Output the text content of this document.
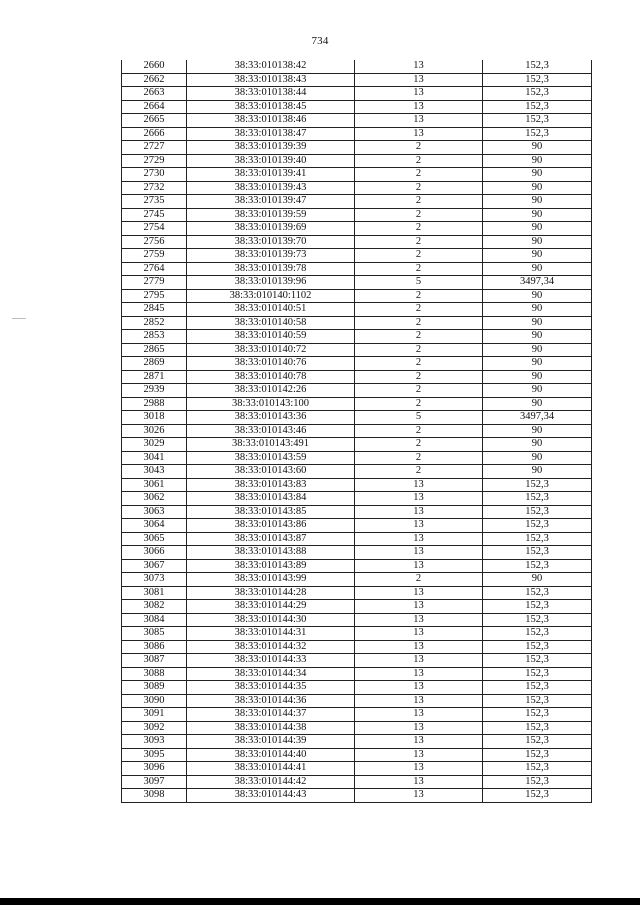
734
2660	38:33:010138:42	13	152,3
2662	38:33:010138:43	13	152,3
2663	38:33:010138:44	13	152,3
2664	38:33:010138:45	13	152,3
2665	38:33:010138:46	13	152,3
2666	38:33:010138:47	13	152,3
2727	38:33:010139:39	2	90
2729	38:33:010139:40	2	90
2730	38:33:010139:41	2	90
2732	38:33:010139:43	2	90
2735	38:33:010139:47	2	90
2745	38:33:010139:59	2	90
2754	38:33:010139:69	2	90
2756	38:33:010139:70	2	90
2759	38:33:010139:73	2	90
2764	38:33:010139:78	2	90
2779	38:33:010139:96	5	3497,34
2795	38:33:010140:1102	2	90
2845	38:33:010140:51	2	90
2852	38:33:010140:58	2	90
2853	38:33:010140:59	2	90
2865	38:33:010140:72	2	90
2869	38:33:010140:76	2	90
2871	38:33:010140:78	2	90
2939	38:33:010142:26	2	90
2988	38:33:010143:100	2	90
3018	38:33:010143:36	5	3497,34
3026	38:33:010143:46	2	90
3029	38:33:010143:491	2	90
3041	38:33:010143:59	2	90
3043	38:33:010143:60	2	90
3061	38:33:010143:83	13	152,3
3062	38:33:010143:84	13	152,3
3063	38:33:010143:85	13	152,3
3064	38:33:010143:86	13	152,3
3065	38:33:010143:87	13	152,3
3066	38:33:010143:88	13	152,3
3067	38:33:010143:89	13	152,3
3073	38:33:010143:99	2	90
3081	38:33:010144:28	13	152,3
3082	38:33:010144:29	13	152,3
3084	38:33:010144:30	13	152,3
3085	38:33:010144:31	13	152,3
3086	38:33:010144:32	13	152,3
3087	38:33:010144:33	13	152,3
3088	38:33:010144:34	13	152,3
3089	38:33:010144:35	13	152,3
3090	38:33:010144:36	13	152,3
3091	38:33:010144:37	13	152,3
3092	38:33:010144:38	13	152,3
3093	38:33:010144:39	13	152,3
3095	38:33:010144:40	13	152,3
3096	38:33:010144:41	13	152,3
3097	38:33:010144:42	13	152,3
3098	38:33:010144:43	13	152,3
